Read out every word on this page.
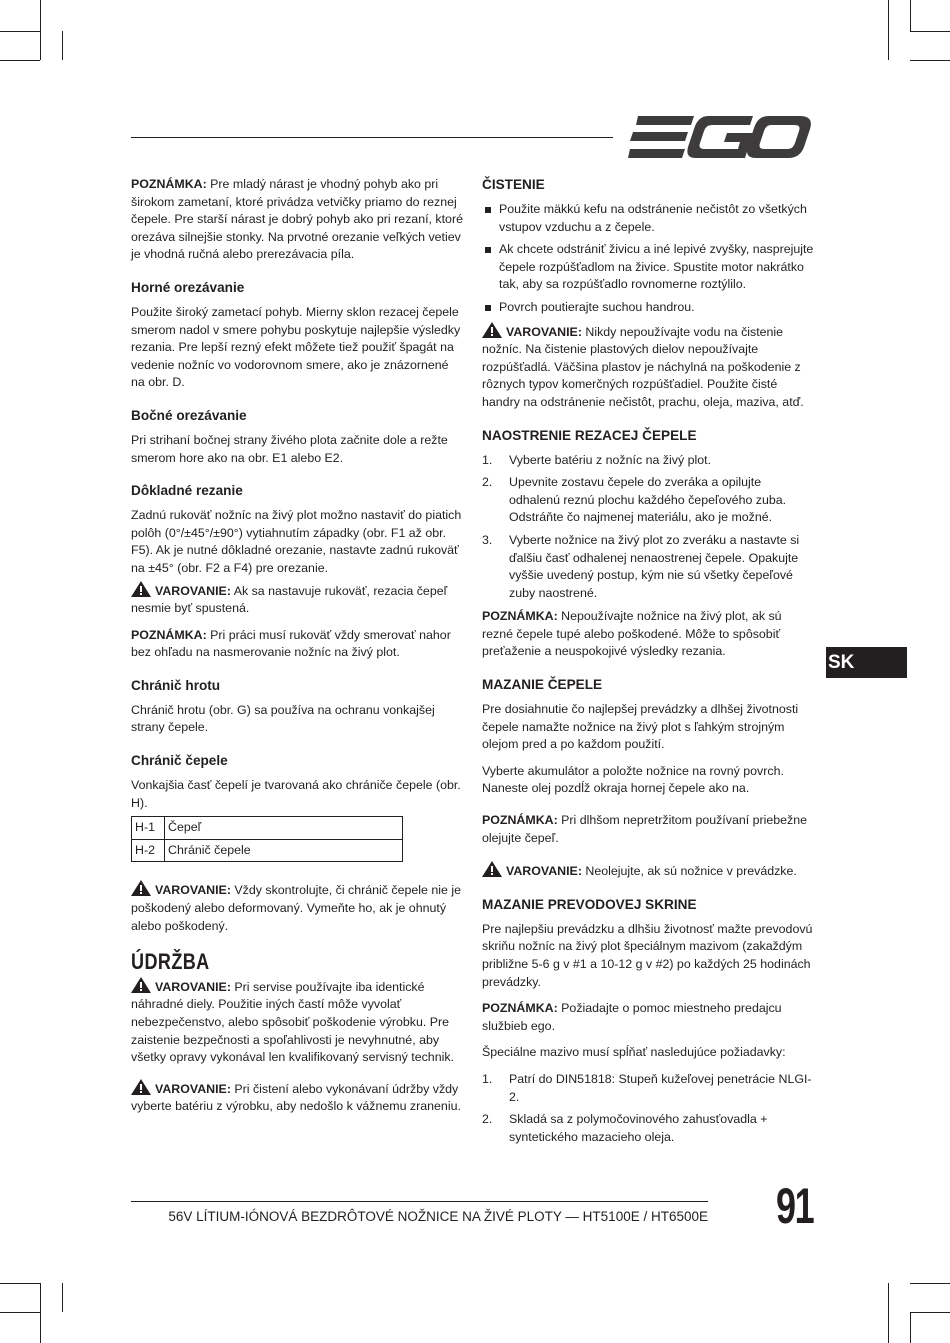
POZNÁMKA: Pre mladý nárast je vhodný pohyb ako pri širokom zametaní, ktoré privádza vetvičky priamo do reznej čepele. Pre starší nárast je dobrý pohyb ako pri rezaní, ktoré orezáva silnejšie stonky. Na prvotné orezanie veľkých vetiev je vhodná ručná alebo prerezávacia píla.

Horné orezávanie

Použite široký zametací pohyb. Mierny sklon rezacej čepele smerom nadol v smere pohybu poskytuje najlepšie výsledky rezania. Pre lepší rezný efekt môžete tiež použiť špagát na vedenie nožníc vo vodorovnom smere, ako je znázornené na obr. D.

Bočné orezávanie

Pri strihaní bočnej strany živého plota začnite dole a režte smerom hore ako na obr. E1 alebo E2.

Dôkladné rezanie

Zadnú rukoväť nožníc na živý plot možno nastaviť do piatich polôh (0°/±45°/±90°) vytiahnutím západky (obr. F1 až obr. F5). Ak je nutné dôkladné orezanie, nastavte zadnú rukoväť na ±45° (obr. F2 a F4) pre orezanie.

VAROVANIE: Ak sa nastavuje rukoväť, rezacia čepeľ nesmie byť spustená.

POZNÁMKA: Pri práci musí rukoväť vždy smerovať nahor bez ohľadu na nasmerovanie nožníc na živý plot.

Chránič hrotu

Chránič hrotu (obr. G) sa používa na ochranu vonkajšej strany čepele.

Chránič čepele

Vonkajšia časť čepelí je tvarovaná ako chrániče čepele (obr. H).

H-1	Čepeľ
H-2	Chránič čepele

VAROVANIE: Vždy skontrolujte, či chránič čepele nie je poškodený alebo deformovaný. Vymeňte ho, ak je ohnutý alebo poškodený.

ÚDRŽBA

VAROVANIE: Pri servise používajte iba identické náhradné diely. Použitie iných častí môže vyvolať nebezpečenstvo, alebo spôsobiť poškodenie výrobku. Pre zaistenie bezpečnosti a spoľahlivosti je nevyhnutné, aby všetky opravy vykonával len kvalifikovaný servisný technik.

VAROVANIE: Pri čistení alebo vykonávaní údržby vždy vyberte batériu z výrobku, aby nedošlo k vážnemu zraneniu.

ČISTENIE
Použite mäkkú kefu na odstránenie nečistôt zo všetkých vstupov vzduchu a z čepele.
Ak chcete odstrániť živicu a iné lepivé zvyšky, nasprejujte čepele rozpúšťadlom na živice. Spustite motor nakrátko tak, aby sa rozpúšťadlo rovnomerne roztýlilo.
Povrch poutierajte suchou handrou.

VAROVANIE: Nikdy nepoužívajte vodu na čistenie nožníc. Na čistenie plastových dielov nepoužívajte rozpúšťadlá. Väčšina plastov je náchylná na poškodenie z rôznych typov komerčných rozpúšťadiel. Použite čisté handry na odstránenie nečistôt, prachu, oleja, maziva, atď.

NAOSTRENIE REZACEJ ČEPELE
1. Vyberte batériu z nožníc na živý plot.
2. Upevnite zostavu čepele do zveráka a opilujte odhalenú reznú plochu každého čepeľového zuba. Odstráňte čo najmenej materiálu, ako je možné.
3. Vyberte nožnice na živý plot zo zveráku a nastavte si ďalšiu časť odhalenej nenaostrenej čepele. Opakujte vyššie uvedený postup, kým nie sú všetky čepeľové zuby naostrené.

POZNÁMKA: Nepoužívajte nožnice na živý plot, ak sú rezné čepele tupé alebo poškodené. Môže to spôsobiť preťaženie a neuspokojivé výsledky rezania.

MAZANIE ČEPELE

Pre dosiahnutie čo najlepšej prevádzky a dlhšej životnosti čepele namažte nožnice na živý plot s ľahkým strojným olejom pred a po každom použití.

Vyberte akumulátor a položte nožnice na rovný povrch. Naneste olej pozdĺž okraja hornej čepele ako na.

POZNÁMKA: Pri dlhšom nepretržitom používaní priebežne olejujte čepeľ.

VAROVANIE: Neolejujte, ak sú nožnice v prevádzke.

MAZANIE PREVODOVEJ SKRINE

Pre najlepšiu prevádzku a dlhšiu životnosť mažte prevodovú skriňu nožníc na živý plot špeciálnym mazivom (zakaždým približne 5-6 g v #1 a 10-12 g v #2) po každých 25 hodinách prevádzky.

POZNÁMKA: Požiadajte o pomoc miestneho predajcu službieb ego.

Špeciálne mazivo musí spĺňať nasledujúce požiadavky:

1. Patrí do DIN51818: Stupeň kužeľovej penetrácie NLGI-2.
2. Skladá sa z polymočovinového zahusťovadla + syntetického mazacieho oleja.
SK
56V LÍTIUM-IÓNOVÁ BEZDRÔTOVÉ NOŽNICE NA ŽIVÉ PLOTY — HT5100E / HT6500E 91
